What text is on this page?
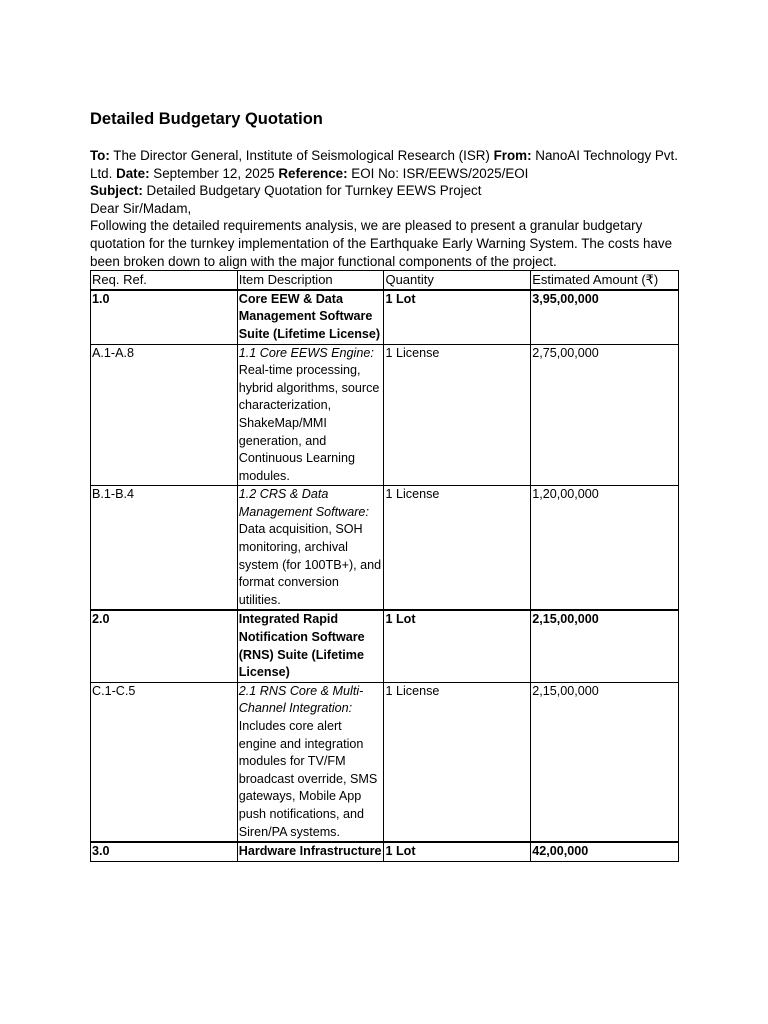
Detailed Budgetary Quotation

To: The Director General, Institute of Seismological Research (ISR) From: NanoAI Technology Pvt. Ltd. Date: September 12, 2025 Reference: EOI No: ISR/EEWS/2025/EOI

Subject: Detailed Budgetary Quotation for Turnkey EEWS Project

Dear Sir/Madam,

Following the detailed requirements analysis, we are pleased to present a granular budgetary quotation for the turnkey implementation of the Earthquake Early Warning System. The costs have been broken down to align with the major functional components of the project.

Req. Ref.	Item Description	Quantity	Estimated Amount (₹)
1.0	Core EEW & Data Management Software Suite (Lifetime License)	1 Lot	3,95,00,000
A.1-A.8	1.1 Core EEWS Engine: Real-time processing, hybrid algorithms, source characterization, ShakeMap/MMI generation, and Continuous Learning modules.	1 License	2,75,00,000
B.1-B.4	1.2 CRS & Data Management Software: Data acquisition, SOH monitoring, archival system (for 100TB+), and format conversion utilities.	1 License	1,20,00,000
2.0	Integrated Rapid Notification Software (RNS) Suite (Lifetime License)	1 Lot	2,15,00,000
C.1-C.5	2.1 RNS Core & Multi-Channel Integration: Includes core alert engine and integration modules for TV/FM broadcast override, SMS gateways, Mobile App push notifications, and Siren/PA systems.	1 License	2,15,00,000
3.0	Hardware Infrastructure	1 Lot	42,00,000
